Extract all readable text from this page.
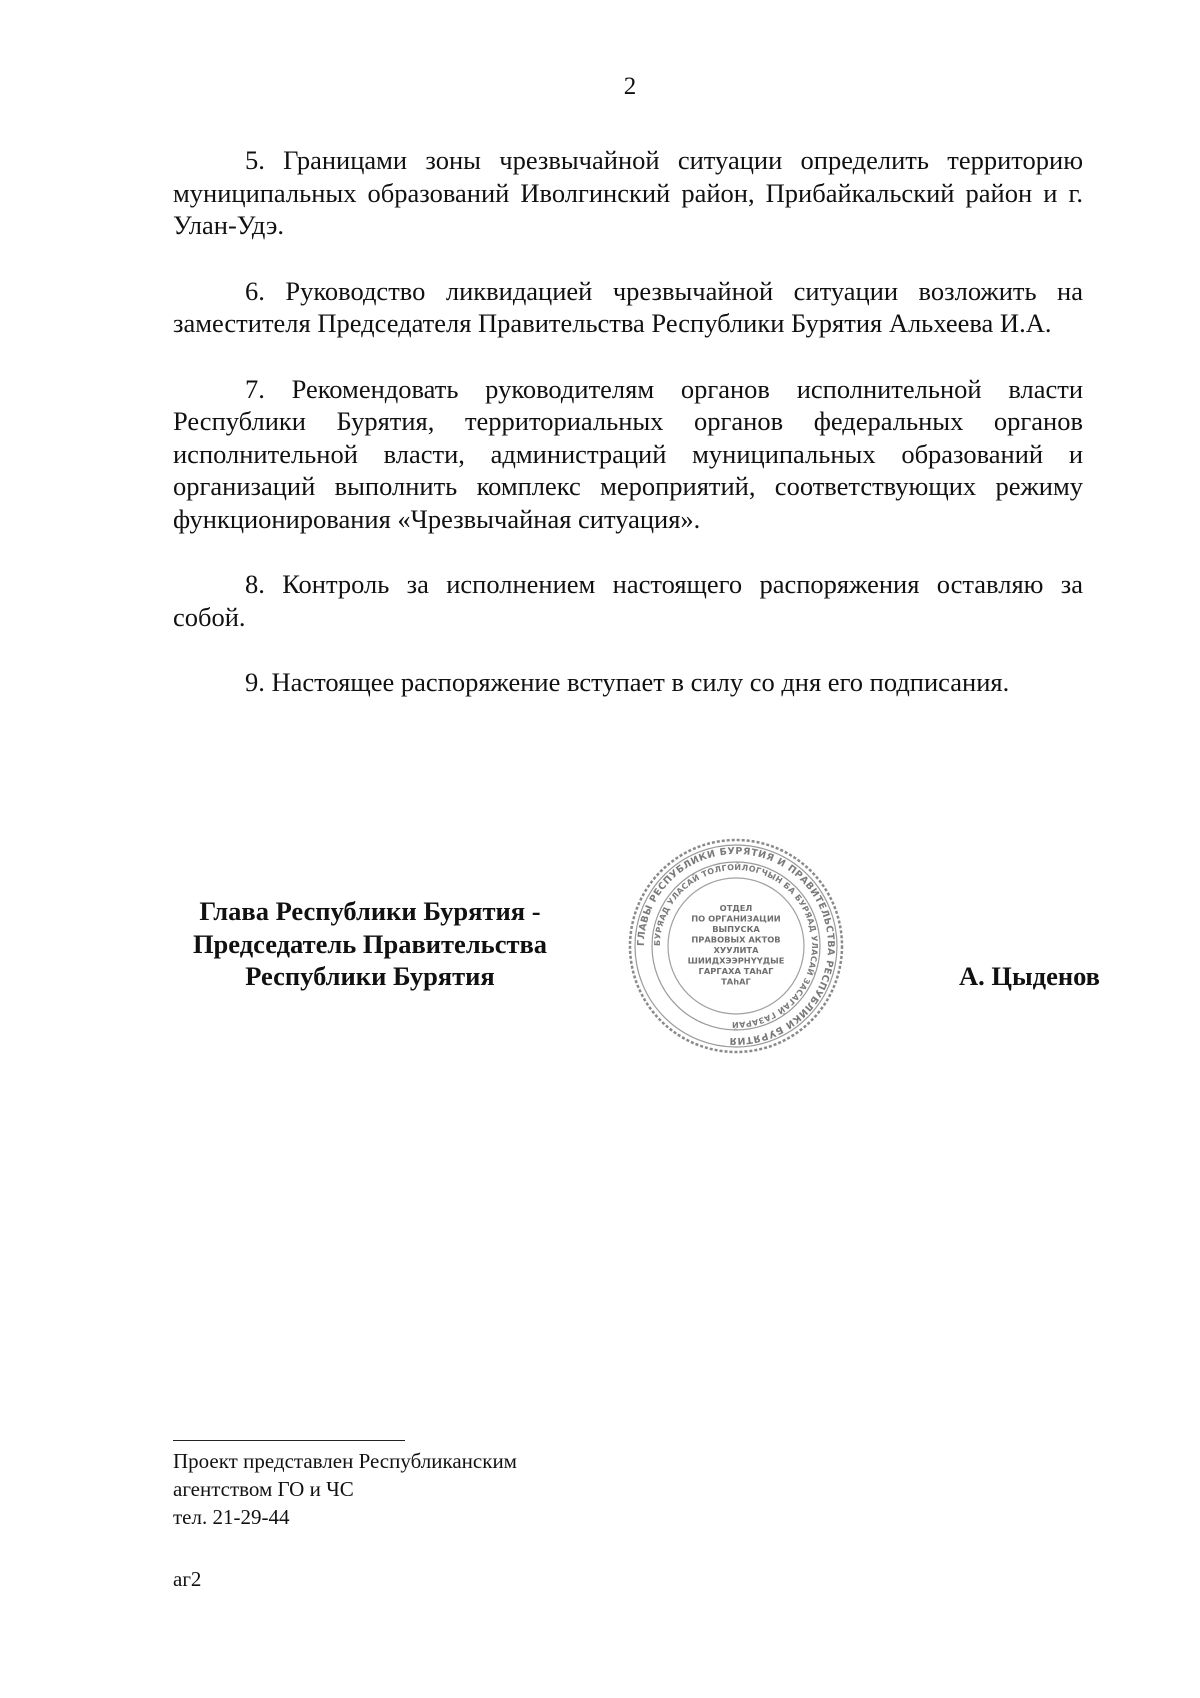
2

5. Границами зоны чрезвычайной ситуации определить территорию муниципальных образований Иволгинский район, Прибайкальский район и г. Улан-Удэ.

6. Руководство ликвидацией чрезвычайной ситуации возложить на заместителя Председателя Правительства Республики Бурятия Альхеева И.А.

7. Рекомендовать руководителям органов исполнительной власти Республики Бурятия, территориальных органов федеральных органов исполнительной власти, администраций муниципальных образований и организаций выполнить комплекс мероприятий, соответствующих режиму функционирования «Чрезвычайная ситуация».

8. Контроль за исполнением настоящего распоряжения оставляю за собой.

9. Настоящее распоряжение вступает в силу со дня его подписания.

Глава Республики Бурятия -
Председатель Правительства
Республики Бурятия
ГЛАВЫ РЕСПУБЛИКИ БУРЯТИЯ И ПРАВИТЕЛЬСТВА РЕСПУБЛИКИ БУРЯТИЯ
БУРЯАД УЛАСАЙ ТОЛГОЙЛОГЧЫН БА БУРЯАД УЛАСАЙ ЗАСАГАЙ ГАЗАРАЙ
ОТДЕЛ
ПО ОРГАНИЗАЦИИ
ВЫПУСКА
ПРАВОВЫХ АКТОВ
ХУУЛИТА
ШИИДХЭЭРНҮҮДЫЕ
ГАРГАХА ТАһАГ
ТАһАГ	А. Цыденов
Проект представлен Республиканским
агентством ГО и ЧС
тел. 21-29-44
аг2
